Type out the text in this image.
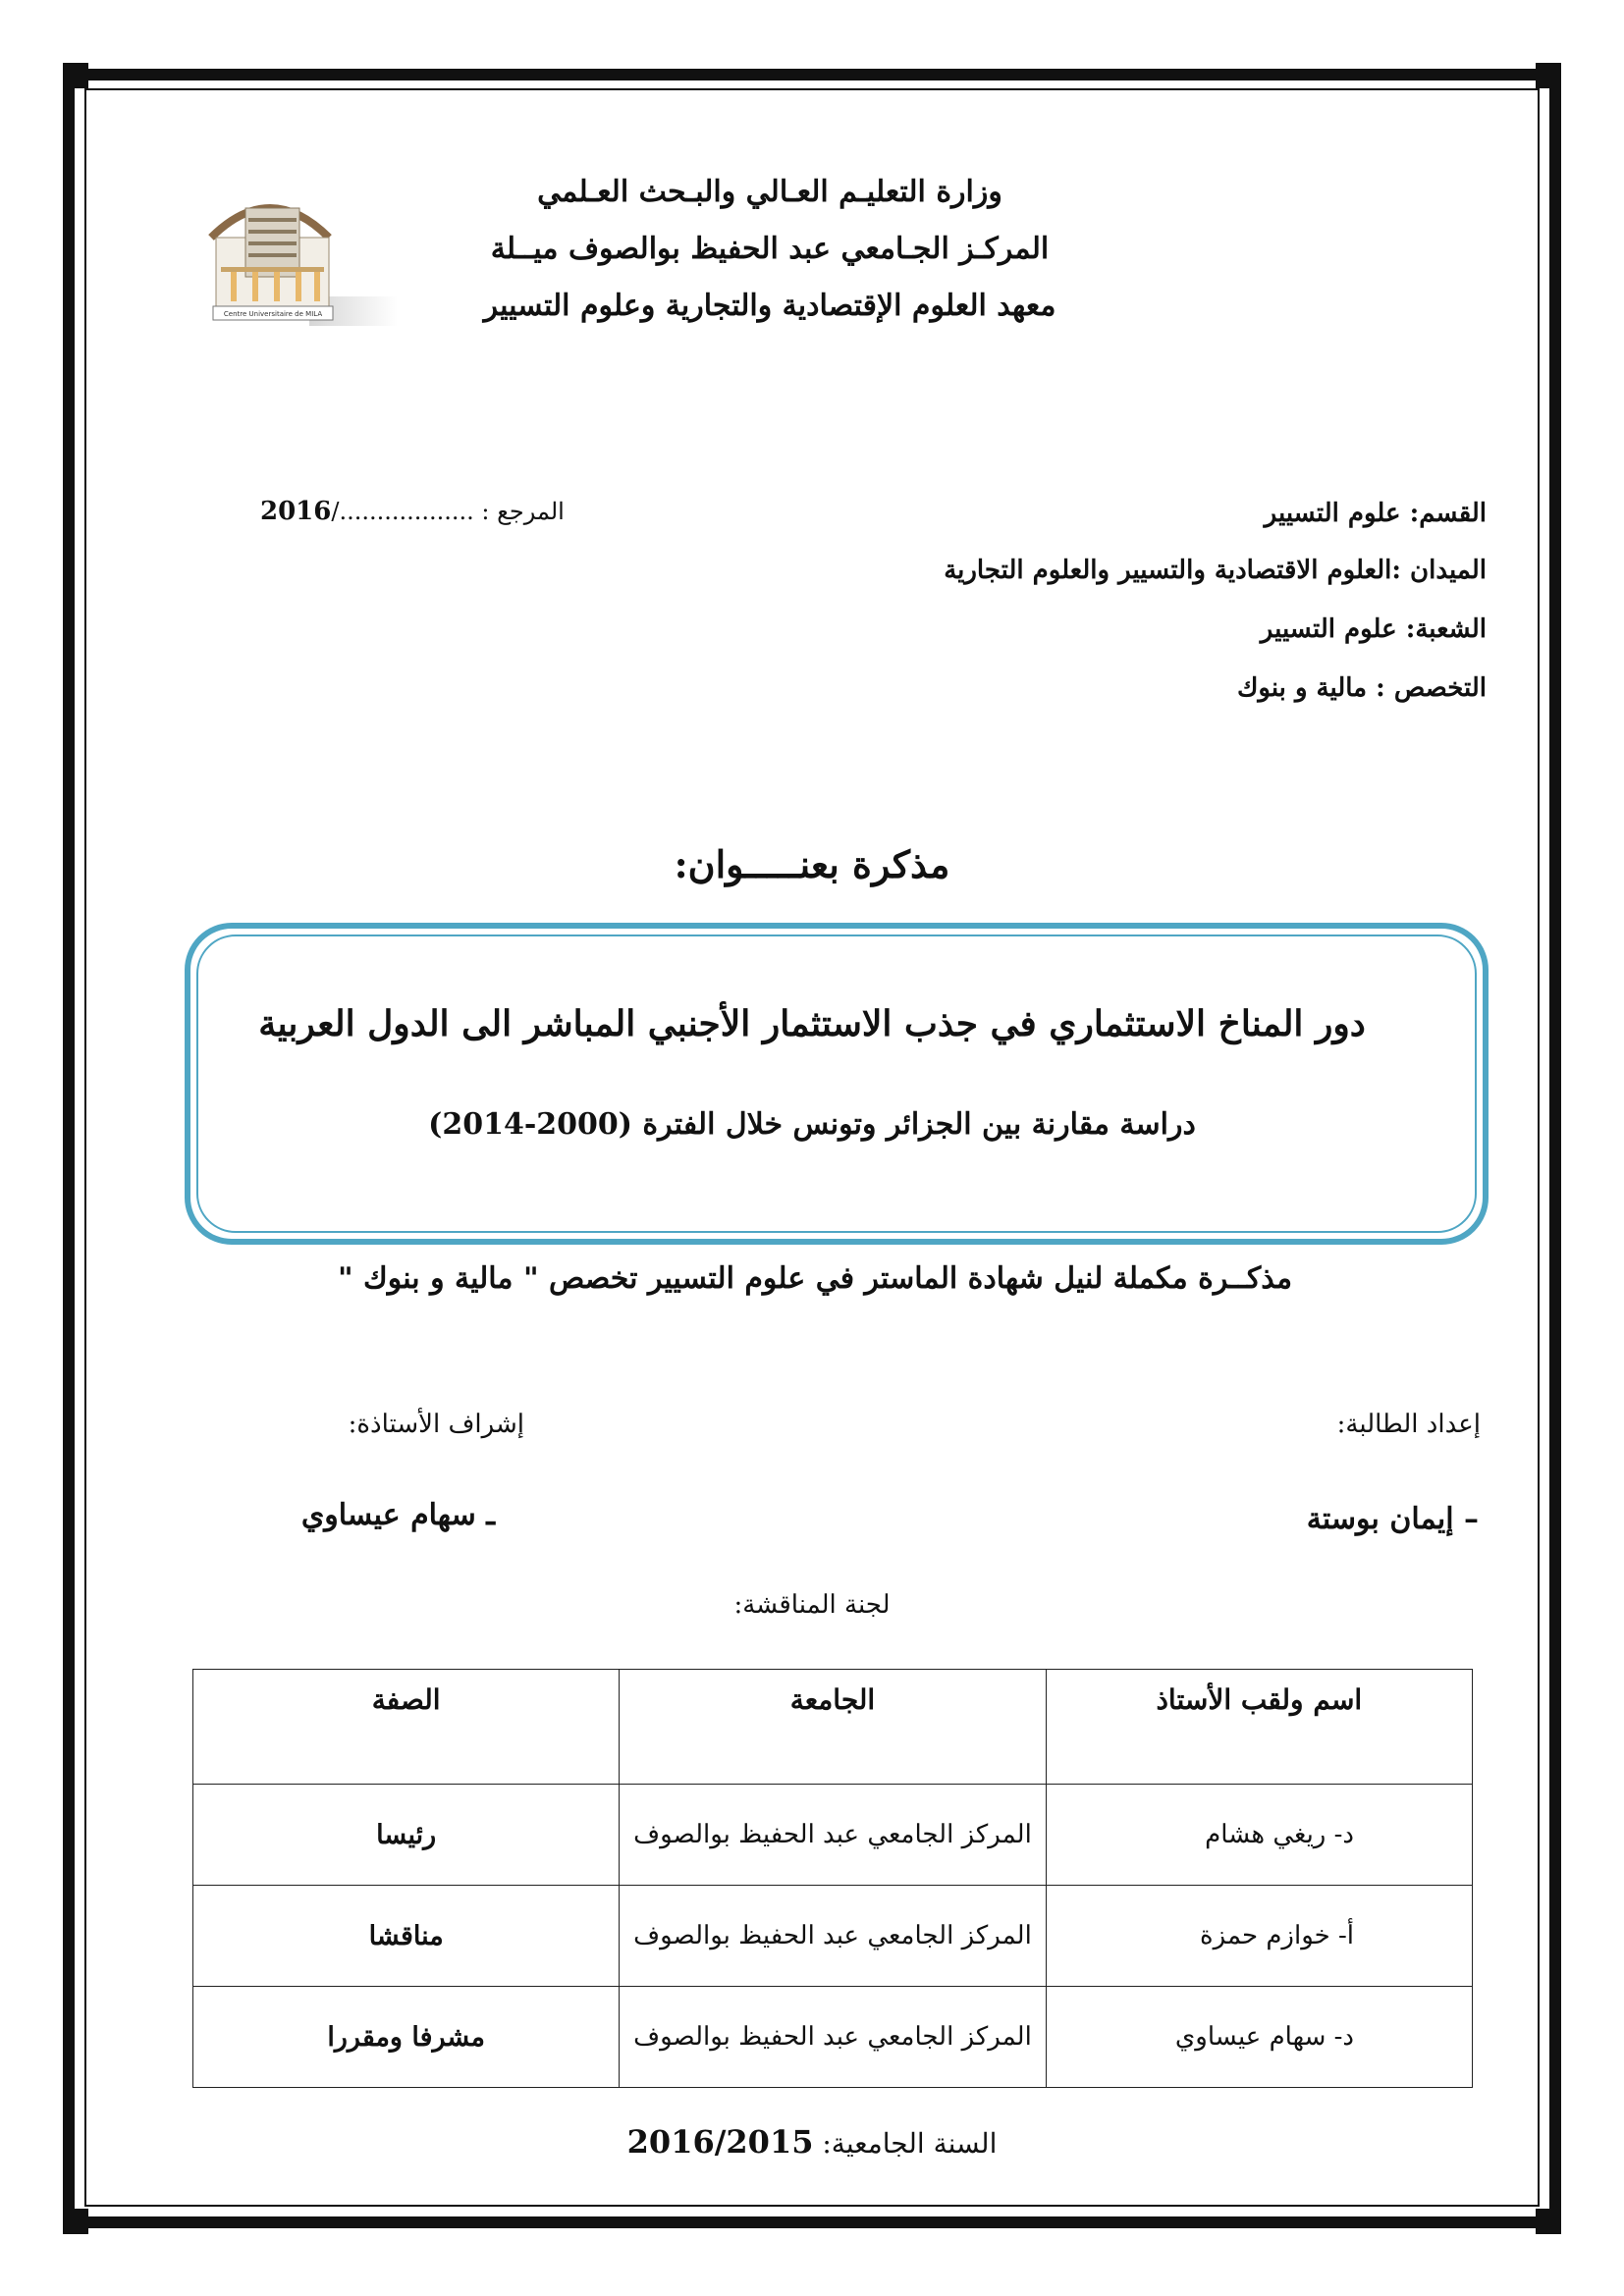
Centre Universitaire de MILA
وزارة التعليـم العـالي والبـحث العـلمي
المركـز الجـامعي عبد الحفيظ بوالصوف ميــلة
معهد العلوم الإقتصادية والتجارية وعلوم التسيير
المرجع : ................../2016	القسم: علوم التسيير
الميدان :العلوم الاقتصادية والتسيير والعلوم التجارية
الشعبة: علوم التسيير
التخصص : مالية و بنوك
مذكرة بعنـــــوان:
دور المناخ الاستثماري في جذب الاستثمار الأجنبي المباشر الى الدول العربية
دراسة مقارنة بين الجزائر وتونس خلال الفترة (2000-2014)
مذكــرة مكملة لنيل شهادة الماستر في علوم التسيير تخصص " مالية و بنوك "
إعداد الطالبة:
إشراف الأستاذة:
– إيمان بوستة
ـ سهام عيساوي
لجنة المناقشة:
اسم ولقب الأستاذ	الجامعة	الصفة
د- ريغي هشام	المركز الجامعي عبد الحفيظ بوالصوف	رئيسا
أ- خوازم حمزة	المركز الجامعي عبد الحفيظ بوالصوف	مناقشا
د- سهام عيساوي	المركز الجامعي عبد الحفيظ بوالصوف	مشرفا ومقررا
السنة الجامعية: 2016/2015
